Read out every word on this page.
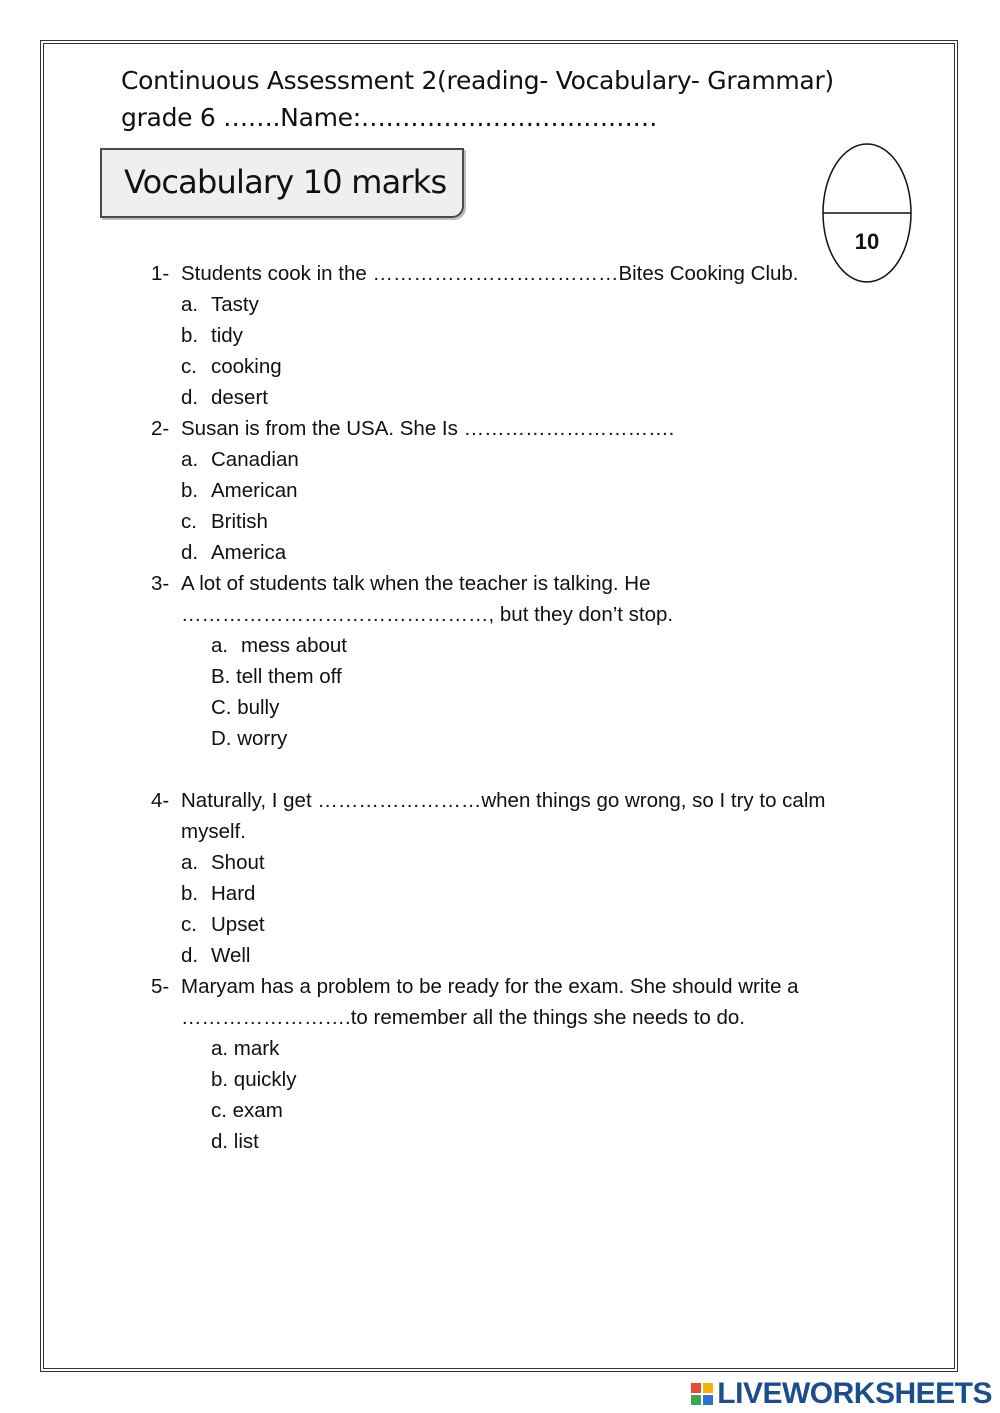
Continuous Assessment 2(reading- Vocabulary- Grammar)
grade 6 …….Name:………………………………
Vocabulary 10 marks
10
1- Students cook in the ………………………………Bites Cooking Club.
a. Tasty
b. tidy
c. cooking
d. desert
2- Susan is from the USA. She Is ………………………….
a. Canadian
b. American
c. British
d. America
3- A lot of students talk when the teacher is talking. He
………………………………………, but they don’t stop.
a. mess about
B. tell them off
C. bully
D. worry
4- Naturally, I get ……………………when things go wrong, so I try to calm
myself.
a. Shout
b. Hard
c. Upset
d. Well
5- Maryam has a problem to be ready for the exam. She should write a
…………………….to remember all the things she needs to do.
a. mark
b. quickly
c. exam
d. list
LIVEWORKSHEETS
